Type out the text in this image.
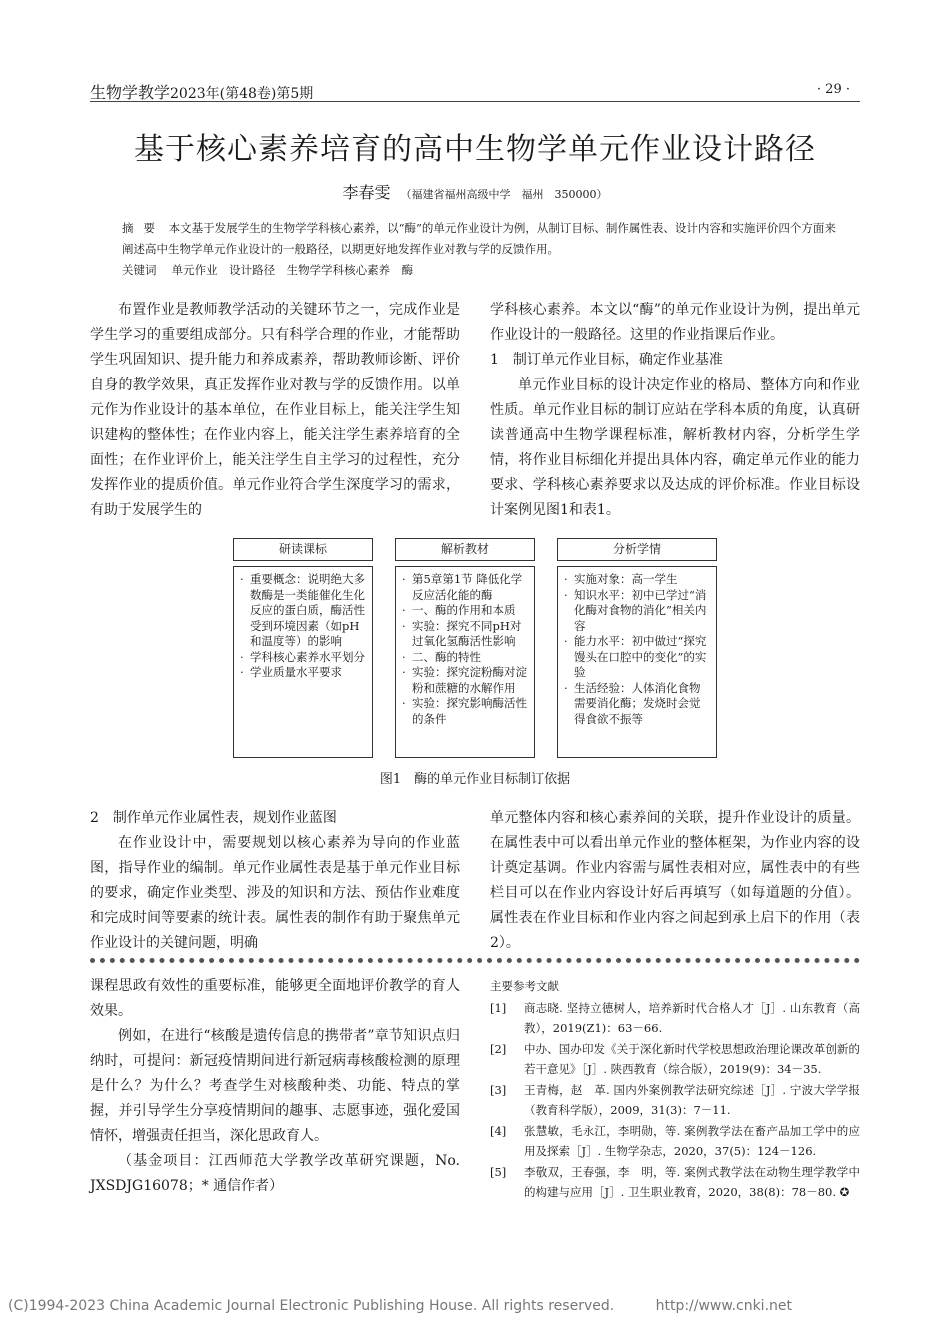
生物学教学2023年(第48卷)第5期	· 29 ·
基于核心素养培育的高中生物学单元作业设计路径
李春雯 （福建省福州高级中学　福州　350000）
摘要 本文基于发展学生的生物学学科核心素养，以“酶”的单元作业设计为例，从制订目标、制作属性表、设计内容和实施评价四个方面来阐述高中生物学单元作业设计的一般路径，以期更好地发挥作业对教与学的反馈作用。
关键词　 单元作业　设计路径　生物学学科核心素养　酶

布置作业是教师教学活动的关键环节之一，完成作业是学生学习的重要组成部分。只有科学合理的作业，才能帮助学生巩固知识、提升能力和养成素养，帮助教师诊断、评价自身的教学效果，真正发挥作业对教与学的反馈作用。以单元作为作业设计的基本单位，在作业目标上，能关注学生知识建构的整体性；在作业内容上，能关注学生素养培育的全面性；在作业评价上，能关注学生自主学习的过程性，充分发挥作业的提质价值。单元作业符合学生深度学习的需求，有助于发展学生的

学科核心素养。本文以“酶”的单元作业设计为例，提出单元作业设计的一般路径。这里的作业指课后作业。

1　制订单元作业目标，确定作业基准

单元作业目标的设计决定作业的格局、整体方向和作业性质。单元作业目标的制订应站在学科本质的角度，认真研读普通高中生物学课程标准，解析教材内容，分析学生学情，将作业目标细化并提出具体内容，确定单元作业的能力要求、学科核心素养要求以及达成的评价标准。作业目标设计案例见图1和表1。

研读课标	解析教材	分析学情
· 重要概念：说明绝大多数酶是一类能催化生化反应的蛋白质，酶活性受到环境因素（如pH和温度等）的影响
· 学科核心素养水平划分
· 学业质量水平要求
· 第5章第1节 降低化学反应活化能的酶
· 一、酶的作用和本质
· 实验：探究不同pH对过氧化氢酶活性影响
· 二、酶的特性
· 实验：探究淀粉酶对淀粉和蔗糖的水解作用
· 实验：探究影响酶活性的条件
· 实施对象：高一学生
· 知识水平：初中已学过“消化酶对食物的消化”相关内容
· 能力水平：初中做过“探究馒头在口腔中的变化”的实验
· 生活经验：人体消化食物需要消化酶；发烧时会觉得食欲不振等
图1　酶的单元作业目标制订依据
2　制作单元作业属性表，规划作业蓝图

在作业设计中，需要规划以核心素养为导向的作业蓝图，指导作业的编制。单元作业属性表是基于单元作业目标的要求，确定作业类型、涉及的知识和方法、预估作业难度和完成时间等要素的统计表。属性表的制作有助于聚焦单元作业设计的关键问题，明确

单元整体内容和核心素养间的关联，提升作业设计的质量。在属性表中可以看出单元作业的整体框架，为作业内容的设计奠定基调。作业内容需与属性表相对应，属性表中的有些栏目可以在作业内容设计好后再填写（如每道题的分值）。属性表在作业目标和作业内容之间起到承上启下的作用（表2）。

课程思政有效性的重要标准，能够更全面地评价教学的育人效果。

例如，在进行“核酸是遗传信息的携带者”章节知识点归纳时，可提问：新冠疫情期间进行新冠病毒核酸检测的原理是什么？为什么？考查学生对核酸种类、功能、特点的掌握，并引导学生分享疫情期间的趣事、志愿事迹，强化爱国情怀，增强责任担当，深化思政育人。

（基金项目：江西师范大学教学改革研究课题，No. JXSDJG16078；* 通信作者）

主要参考文献
[1]	商志晓. 坚持立德树人，培养新时代合格人才［J］. 山东教育（高教），2019(Z1)：63－66.
[2]	中办、国办印发《关于深化新时代学校思想政治理论课改革创新的若干意见》［J］. 陕西教育（综合版），2019(9)：34－35.
[3]	王青梅，赵　革. 国内外案例教学法研究综述［J］. 宁波大学学报（教育科学版），2009，31(3)：7－11.
[4]	张慧敏，毛永江，李明勋，等. 案例教学法在畜产品加工学中的应用及探索［J］. 生物学杂志，2020，37(5)：124－126.
[5]	李敬双，王春强，李　明，等. 案例式教学法在动物生理学教学中的构建与应用［J］. 卫生职业教育，2020，38(8)：78－80. ✪
(C)1994-2023 China Academic Journal Electronic Publishing House. All rights reserved.	http://www.cnki.net
